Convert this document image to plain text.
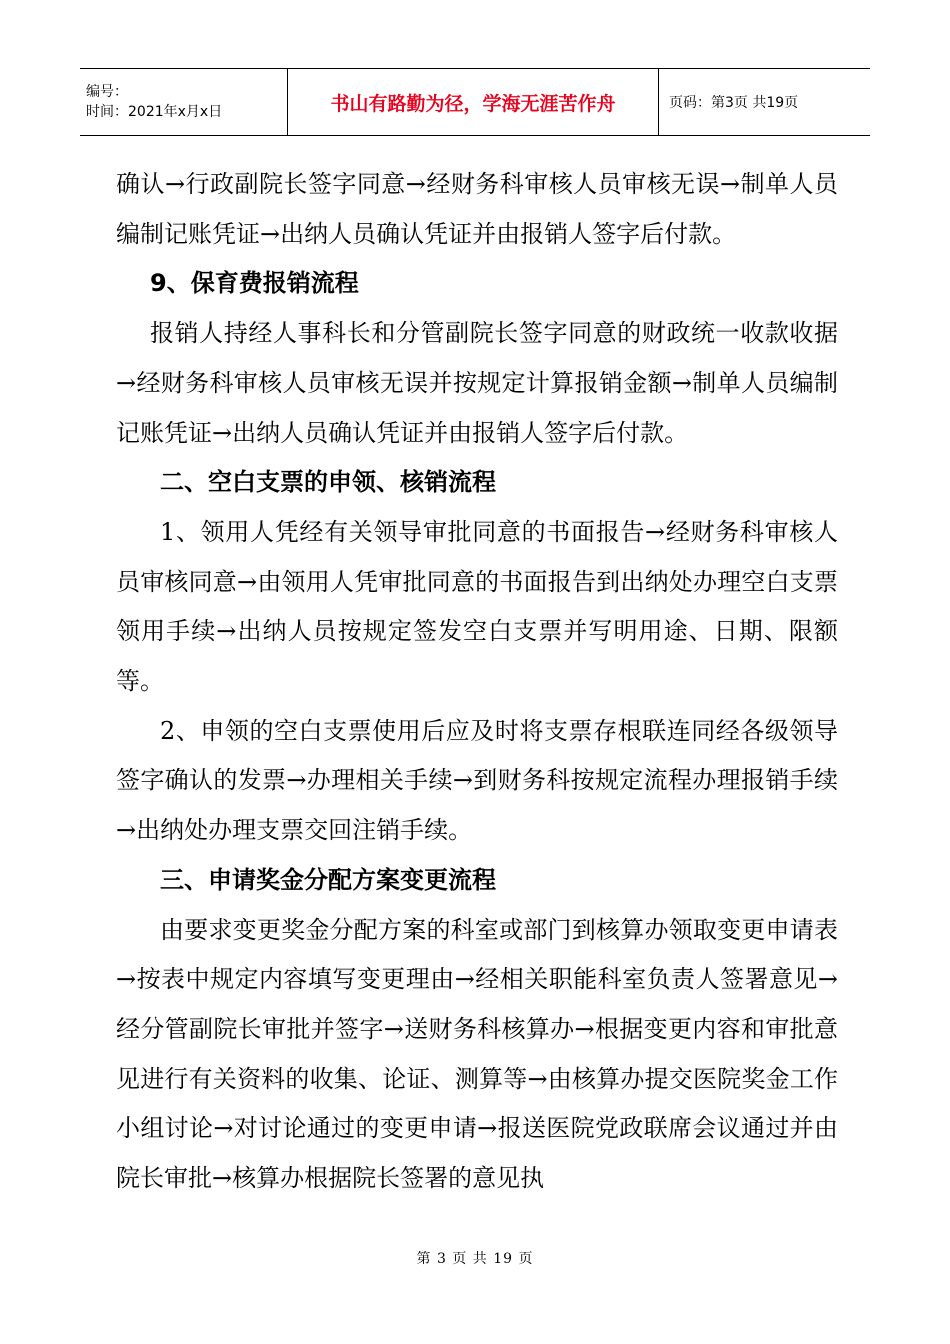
编号：
时间：2021年x月x日	书山有路勤为径，学海无涯苦作舟	页码：第3页 共19页

确认→行政副院长签字同意→经财务科审核人员审核无误→制单人员编制记账凭证→出纳人员确认凭证并由报销人签字后付款。

9、保育费报销流程

报销人持经人事科长和分管副院长签字同意的财政统一收款收据→经财务科审核人员审核无误并按规定计算报销金额→制单人员编制记账凭证→出纳人员确认凭证并由报销人签字后付款。

二、空白支票的申领、核销流程

1、领用人凭经有关领导审批同意的书面报告→经财务科审核人员审核同意→由领用人凭审批同意的书面报告到出纳处办理空白支票领用手续→出纳人员按规定签发空白支票并写明用途、日期、限额等。

2、申领的空白支票使用后应及时将支票存根联连同经各级领导签字确认的发票→办理相关手续→到财务科按规定流程办理报销手续→出纳处办理支票交回注销手续。

三、申请奖金分配方案变更流程

由要求变更奖金分配方案的科室或部门到核算办领取变更申请表→按表中规定内容填写变更理由→经相关职能科室负责人签署意见→经分管副院长审批并签字→送财务科核算办→根据变更内容和审批意见进行有关资料的收集、论证、测算等→由核算办提交医院奖金工作小组讨论→对讨论通过的变更申请→报送医院党政联席会议通过并由院长审批→核算办根据院长签署的意见执

第 3 页 共 19 页
